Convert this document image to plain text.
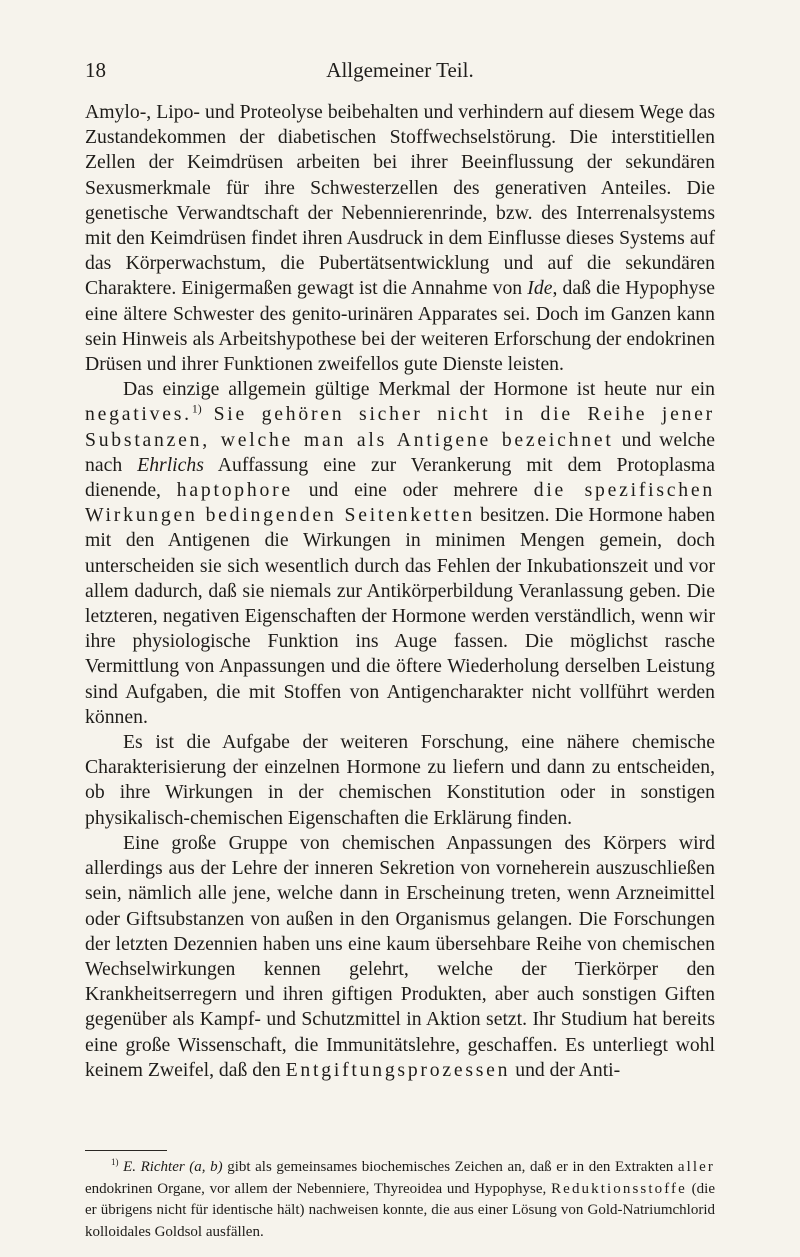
18	Allgemeiner Teil.

Amylo-, Lipo- und Proteolyse beibehalten und verhindern auf diesem Wege das Zustandekommen der diabetischen Stoffwechselstörung. Die interstitiellen Zellen der Keimdrüsen arbeiten bei ihrer Beeinflussung der sekundären Sexusmerkmale für ihre Schwesterzellen des generativen Anteiles. Die genetische Verwandtschaft der Nebennierenrinde, bzw. des Interrenalsystems mit den Keimdrüsen findet ihren Ausdruck in dem Einflusse dieses Systems auf das Körperwachstum, die Pubertätsentwicklung und auf die sekundären Charaktere. Einigermaßen gewagt ist die Annahme von Ide, daß die Hypophyse eine ältere Schwester des genito-urinären Apparates sei. Doch im Ganzen kann sein Hinweis als Arbeitshypothese bei der weiteren Erforschung der endokrinen Drüsen und ihrer Funktionen zweifellos gute Dienste leisten.

Das einzige allgemein gültige Merkmal der Hormone ist heute nur ein negatives.$^{1)}$ Sie gehören sicher nicht in die Reihe jener Substanzen, welche man als Antigene bezeichnet und welche nach Ehrlichs Auffassung eine zur Verankerung mit dem Protoplasma dienende, haptophore und eine oder mehrere die spezifischen Wirkungen bedingenden Seitenketten besitzen. Die Hormone haben mit den Antigenen die Wirkungen in minimen Mengen gemein, doch unterscheiden sie sich wesentlich durch das Fehlen der Inkubationszeit und vor allem dadurch, daß sie niemals zur Antikörperbildung Veranlassung geben. Die letzteren, negativen Eigenschaften der Hormone werden verständlich, wenn wir ihre physiologische Funktion ins Auge fassen. Die möglichst rasche Vermittlung von Anpassungen und die öftere Wiederholung derselben Leistung sind Aufgaben, die mit Stoffen von Antigencharakter nicht vollführt werden können.

Es ist die Aufgabe der weiteren Forschung, eine nähere chemische Charakterisierung der einzelnen Hormone zu liefern und dann zu entscheiden, ob ihre Wirkungen in der chemischen Konstitution oder in sonstigen physikalisch-chemischen Eigenschaften die Erklärung finden.

Eine große Gruppe von chemischen Anpassungen des Körpers wird allerdings aus der Lehre der inneren Sekretion von vorneherein auszuschließen sein, nämlich alle jene, welche dann in Erscheinung treten, wenn Arzneimittel oder Giftsubstanzen von außen in den Organismus gelangen. Die Forschungen der letzten Dezennien haben uns eine kaum übersehbare Reihe von chemischen Wechselwirkungen kennen gelehrt, welche der Tierkörper den Krankheitserregern und ihren giftigen Produkten, aber auch sonstigen Giften gegenüber als Kampf- und Schutzmittel in Aktion setzt. Ihr Studium hat bereits eine große Wissenschaft, die Immunitätslehre, geschaffen. Es unterliegt wohl keinem Zweifel, daß den Entgiftungsprozessen und der Anti-

$^{1)}$ E. Richter (a, b) gibt als gemeinsames biochemisches Zeichen an, daß er in den Extrakten aller endokrinen Organe, vor allem der Nebenniere, Thyreoidea und Hypophyse, Reduktionsstoffe (die er übrigens nicht für identische hält) nachweisen konnte, die aus einer Lösung von Gold-Natriumchlorid kolloidales Goldsol ausfällen.
